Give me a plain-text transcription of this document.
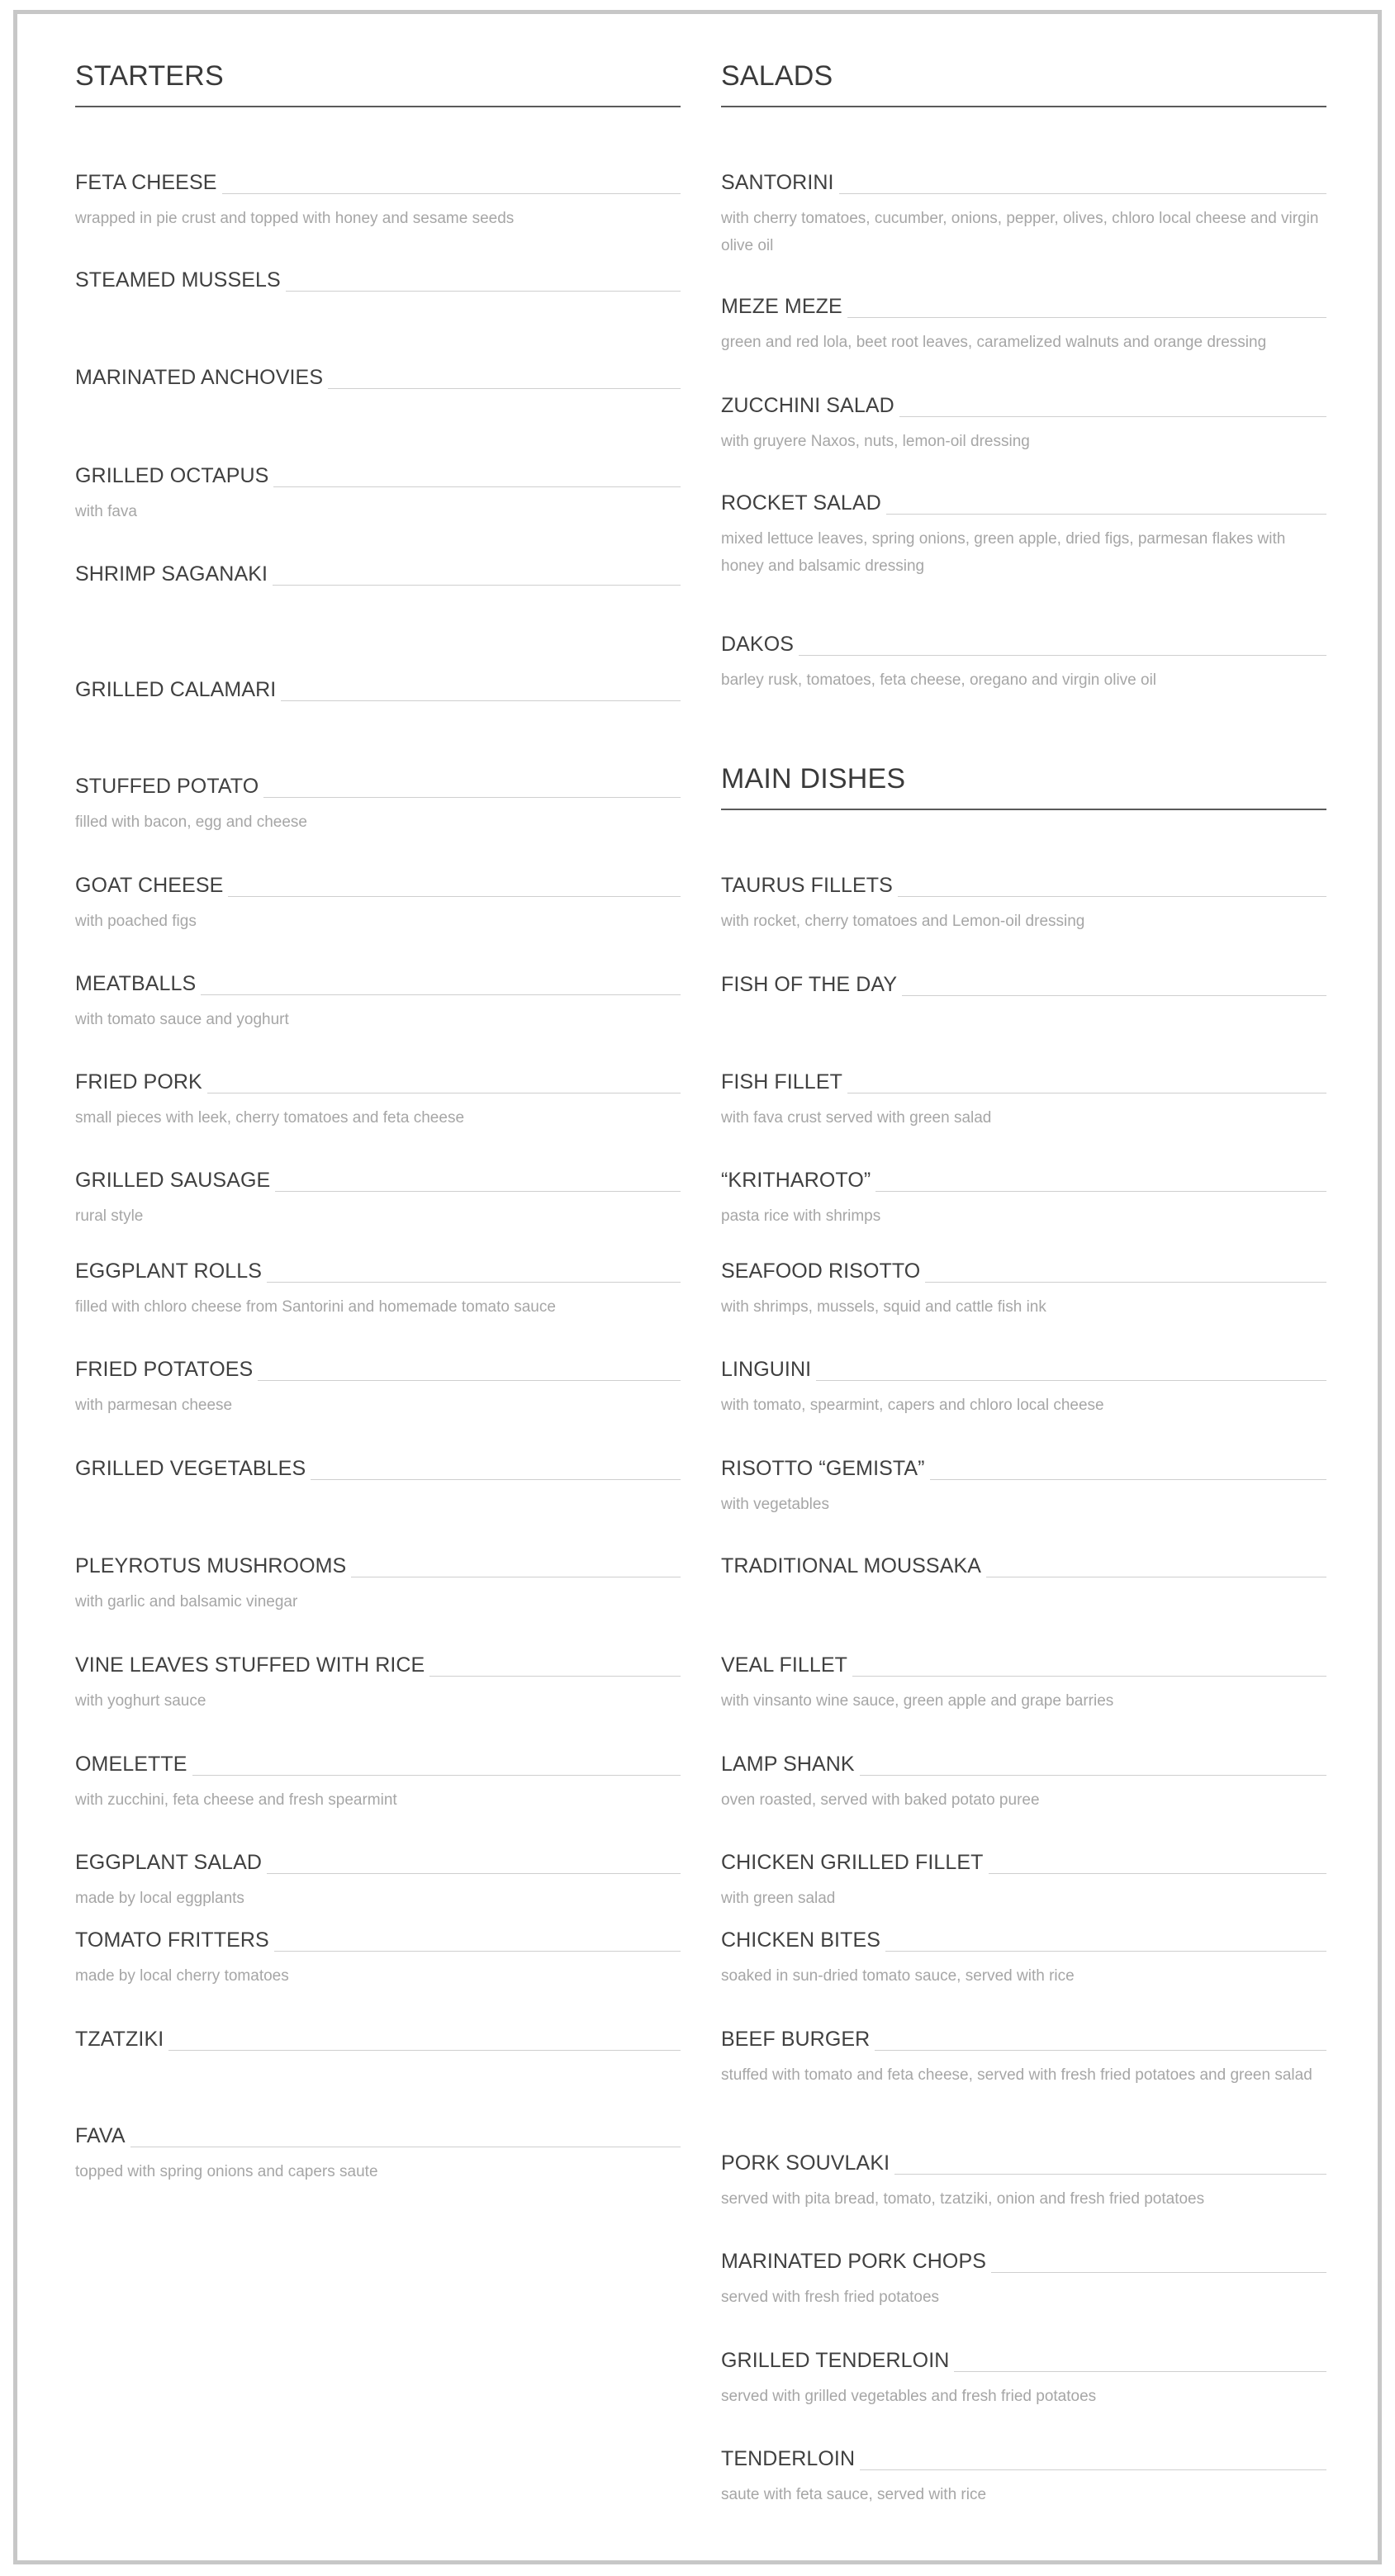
STARTERS
FETA CHEESE
wrapped in pie crust and topped with honey and sesame seeds
STEAMED MUSSELS
MARINATED ANCHOVIES
GRILLED OCTAPUS
with fava
SHRIMP SAGANAKI
GRILLED CALAMARI
STUFFED POTATO
filled with bacon, egg and cheese
GOAT CHEESE
with poached figs
MEATBALLS
with tomato sauce and yoghurt
FRIED PORK
small pieces with leek, cherry tomatoes and feta cheese
GRILLED SAUSAGE
rural style
EGGPLANT ROLLS
filled with chloro cheese from Santorini and homemade tomato sauce
FRIED POTATOES
with parmesan cheese
GRILLED VEGETABLES
PLEYROTUS MUSHROOMS
with garlic and balsamic vinegar
VINE LEAVES STUFFED WITH RICE
with yoghurt sauce
OMELETTE
with zucchini, feta cheese and fresh spearmint
EGGPLANT SALAD
made by local eggplants
TOMATO FRITTERS
made by local cherry tomatoes
TZATZIKI
FAVA
topped with spring onions and capers saute
SALADS
SANTORINI
with cherry tomatoes, cucumber, onions, pepper, olives, chloro local cheese and virgin olive oil
MEZE MEZE
green and red lola, beet root leaves, caramelized walnuts and orange dressing
ZUCCHINI SALAD
with gruyere Naxos, nuts, lemon-oil dressing
ROCKET SALAD
mixed lettuce leaves, spring onions, green apple, dried figs, parmesan flakes with honey and balsamic dressing
DAKOS
barley rusk, tomatoes, feta cheese, oregano and virgin olive oil
MAIN DISHES
TAURUS FILLETS
with rocket, cherry tomatoes and Lemon-oil dressing
FISH OF THE DAY
FISH FILLET
with fava crust served with green salad
“KRITHAROTO”
pasta rice with shrimps
SEAFOOD RISOTTO
with shrimps, mussels, squid and cattle fish ink
LINGUINI
with tomato, spearmint, capers and chloro local cheese
RISOTTO “GEMISTA”
with vegetables
TRADITIONAL MOUSSAKA
VEAL FILLET
with vinsanto wine sauce, green apple and grape barries
LAMP SHANK
oven roasted, served with baked potato puree
CHICKEN GRILLED FILLET
with green salad
CHICKEN BITES
soaked in sun-dried tomato sauce, served with rice
BEEF BURGER
stuffed with tomato and feta cheese, served with fresh fried potatoes and green salad
PORK SOUVLAKI
served with pita bread, tomato, tzatziki, onion and fresh fried potatoes
MARINATED PORK CHOPS
served with fresh fried potatoes
GRILLED TENDERLOIN
served with grilled vegetables and fresh fried potatoes
TENDERLOIN
saute with feta sauce, served with rice
